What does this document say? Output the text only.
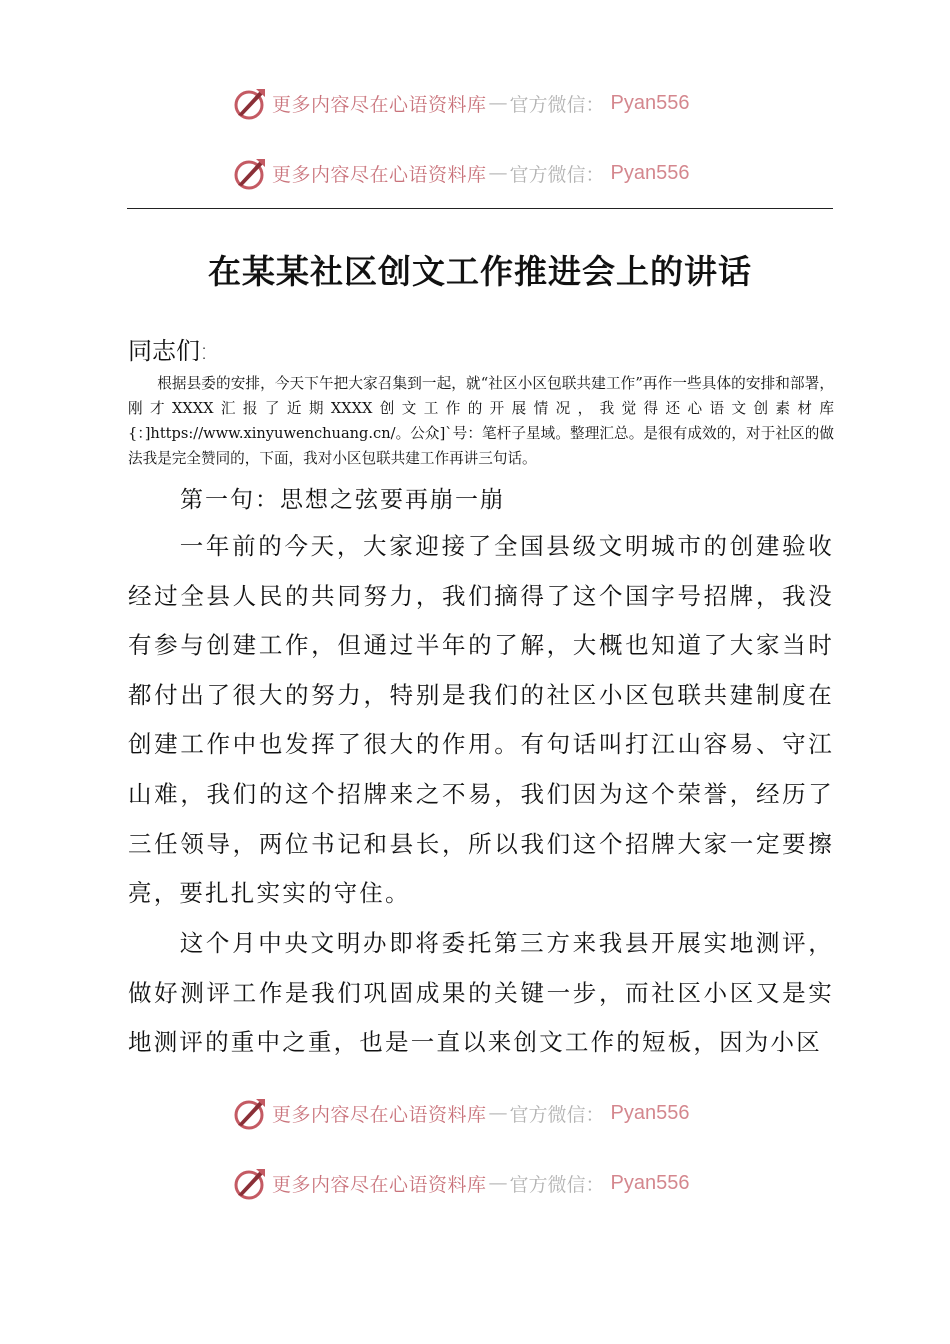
更多内容尽在心语资料库 — 官方微信： Pyan556
更多内容尽在心语资料库 — 官方微信： Pyan556
在某某社区创文工作推进会上的讲话
同志们:

根据县委的安排，今天下午把大家召集到一起，就“社区小区包联共建工作”再作一些具体的安排和部署，刚才XXXX汇报了近期XXXX创文工作的开展情况，我觉得还心语文创素材库{：]https://www.xinyuwenchuang.cn/。公众]`号：笔杆子星域。整理汇总。是很有成效的，对于社区的做法我是完全赞同的，下面，我对小区包联共建工作再讲三句话。

第一句：思想之弦要再崩一崩

一年前的今天，大家迎接了全国县级文明城市的创建验收经过全县人民的共同努力，我们摘得了这个国字号招牌，我没有参与创建工作，但通过半年的了解，大概也知道了大家当时都付出了很大的努力，特别是我们的社区小区包联共建制度在创建工作中也发挥了很大的作用。有句话叫打江山容易、守江山难，我们的这个招牌来之不易，我们因为这个荣誉，经历了三任领导，两位书记和县长，所以我们这个招牌大家一定要擦亮，要扎扎实实的守住。

这个月中央文明办即将委托第三方来我县开展实地测评，做好测评工作是我们巩固成果的关键一步，而社区小区又是实地测评的重中之重，也是一直以来创文工作的短板，因为小区

更多内容尽在心语资料库 — 官方微信： Pyan556
更多内容尽在心语资料库 — 官方微信： Pyan556
